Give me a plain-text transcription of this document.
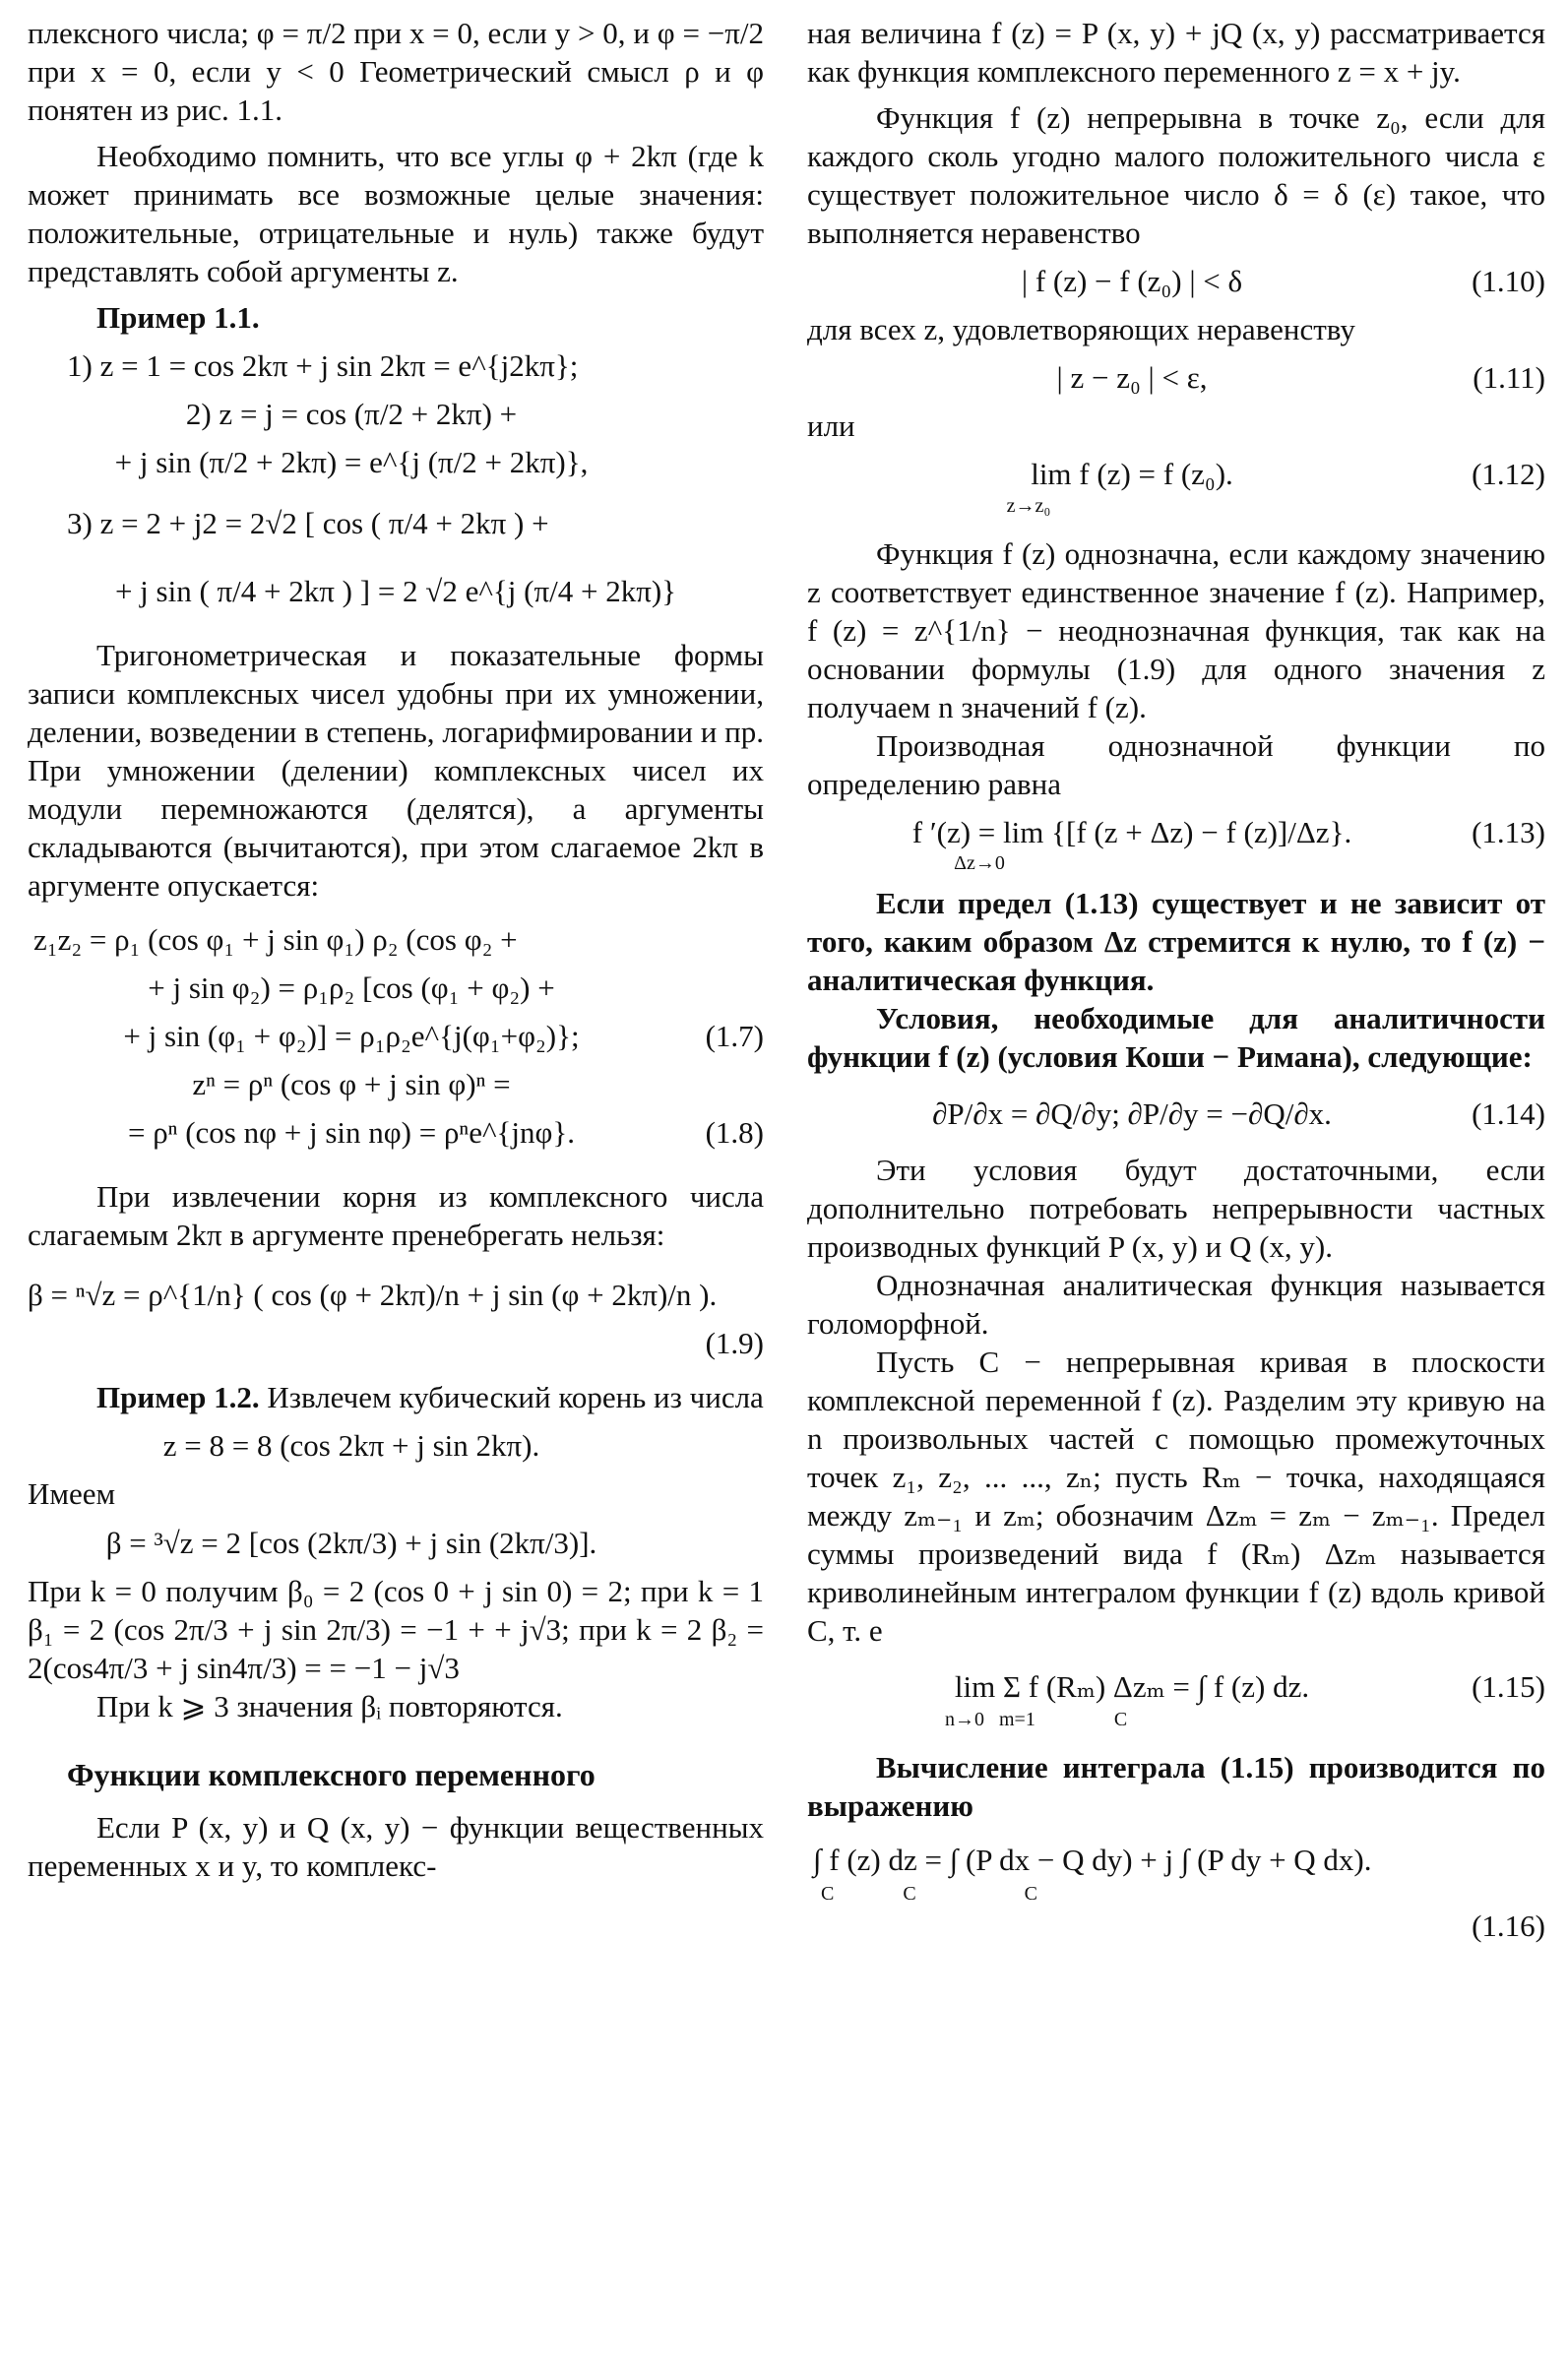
плексного числа; φ = π/2 при x = 0, если y > 0, и φ = −π/2 при x = 0, если y < 0 Геометрический смысл ρ и φ понятен из рис. 1.1.

Необходимо помнить, что все углы φ + 2kπ (где k может принимать все возможные целые значения: положительные, отрицательные и нуль) также будут представлять собой аргументы z.

Пример 1.1.

1) z = 1 = cos 2kπ + j sin 2kπ = e^{j2kπ};
2) z = j = cos (π/2 + 2kπ) +
+ j sin (π/2 + 2kπ) = e^{j (π/2 + 2kπ)},
3) z = 2 + j2 = 2√2 [ cos ( π/4 + 2kπ ) +
+ j sin ( π/4 + 2kπ ) ] = 2 √2 e^{j (π/4 + 2kπ)}

Тригонометрическая и показательные формы записи комплексных чисел удобны при их умножении, делении, возведении в степень, логарифмировании и пр. При умножении (делении) комплексных чисел их модули перемножаются (делятся), а аргументы складываются (вычитаются), при этом слагаемое 2kπ в аргументе опускается:

z₁z₂ = ρ₁ (cos φ₁ + j sin φ₁) ρ₂ (cos φ₂ +
+ j sin φ₂) = ρ₁ρ₂ [cos (φ₁ + φ₂) +
+ j sin (φ₁ + φ₂)] = ρ₁ρ₂e^{j(φ₁+φ₂)};	(1.7)
zⁿ = ρⁿ (cos φ + j sin φ)ⁿ =
= ρⁿ (cos nφ + j sin nφ) = ρⁿe^{jnφ}.	(1.8)

При извлечении корня из комплексного числа слагаемым 2kπ в аргументе пренебрегать нельзя:

β = ⁿ√z = ρ^{1/n} ( cos (φ + 2kπ)/n + j sin (φ + 2kπ)/n ).

(1.9)

Пример 1.2. Извлечем кубический корень из числа

z = 8 = 8 (cos 2kπ + j sin 2kπ).

Имеем

β = ³√z = 2 [cos (2kπ/3) + j sin (2kπ/3)].

При k = 0 получим β₀ = 2 (cos 0 + j sin 0) = 2; при k = 1 β₁ = 2 (cos 2π/3 + j sin 2π/3) = −1 + + j√3; при k = 2 β₂ = 2(cos4π/3 + j sin4π/3) = = −1 − j√3

При k ⩾ 3 значения βᵢ повторяются.

Функции комплексного переменного

Если P (x, y) и Q (x, y) − функции вещественных переменных x и y, то комплекс-

ная величина f (z) = P (x, y) + jQ (x, y) рассматривается как функция комплексного переменного z = x + jy.

Функция f (z) непрерывна в точке z₀, если для каждого сколь угодно малого положительного числа ε существует положительное число δ = δ (ε) такое, что выполняется неравенство

| f (z) − f (z₀) | < δ	(1.10)

для всех z, удовлетворяющих неравенству

| z − z₀ | < ε,	(1.11)

или

lim f (z) = f (z₀).	(1.12)

z→z₀

Функция f (z) однозначна, если каждому значению z соответствует единственное значение f (z). Например, f (z) = z^{1/n} − неоднозначная функция, так как на основании формулы (1.9) для одного значения z получаем n значений f (z).

Производная однозначной функции по определению равна

f ′(z) = lim {[f (z + Δz) − f (z)]/Δz}.	(1.13)

Δz→0

Если предел (1.13) существует и не зависит от того, каким образом Δz стремится к нулю, то f (z) − аналитическая функция.

Условия, необходимые для аналитичности функции f (z) (условия Коши − Римана), следующие:

∂P/∂x = ∂Q/∂y; ∂P/∂y = −∂Q/∂x.	(1.14)

Эти условия будут достаточными, если дополнительно потребовать непрерывности частных производных функций P (x, y) и Q (x, y).

Однозначная аналитическая функция называется голоморфной.

Пусть C − непрерывная кривая в плоскости комплексной переменной f (z). Разделим эту кривую на n произвольных частей с помощью промежуточных точек z₁, z₂, ... ..., zₙ; пусть Rₘ − точка, находящаяся между zₘ₋₁ и zₘ; обозначим Δzₘ = zₘ − zₘ₋₁. Предел суммы произведений вида f (Rₘ) Δzₘ называется криволинейным интегралом функции f (z) вдоль кривой C, т. е

lim Σ f (Rₘ) Δzₘ = ∫ f (z) dz.	(1.15)

n→0   m=1                C

Вычисление интеграла (1.15) производится по выражению

∫ f (z) dz = ∫ (P dx − Q dy) + j ∫ (P dy + Q dx).

C              C                      C

(1.16)
